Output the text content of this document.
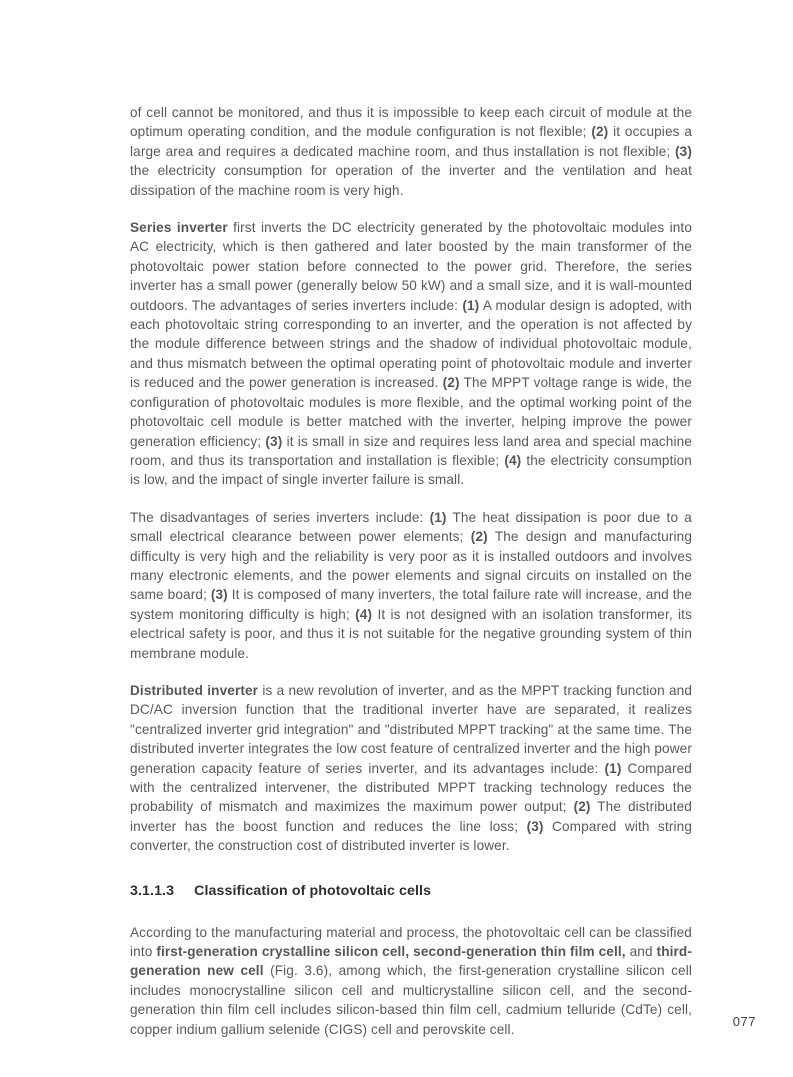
of cell cannot be monitored, and thus it is impossible to keep each circuit of module at the optimum operating condition, and the module configuration is not flexible; (2) it occupies a large area and requires a dedicated machine room, and thus installation is not flexible; (3) the electricity consumption for operation of the inverter and the ventilation and heat dissipation of the machine room is very high.

Series inverter first inverts the DC electricity generated by the photovoltaic modules into AC electricity, which is then gathered and later boosted by the main transformer of the photovoltaic power station before connected to the power grid. Therefore, the series inverter has a small power (generally below 50 kW) and a small size, and it is wall-mounted outdoors. The advantages of series inverters include: (1) A modular design is adopted, with each photovoltaic string corresponding to an inverter, and the operation is not affected by the module difference between strings and the shadow of individual photovoltaic module, and thus mismatch between the optimal operating point of photovoltaic module and inverter is reduced and the power generation is increased. (2) The MPPT voltage range is wide, the configuration of photovoltaic modules is more flexible, and the optimal working point of the photovoltaic cell module is better matched with the inverter, helping improve the power generation efficiency; (3) it is small in size and requires less land area and special machine room, and thus its transportation and installation is flexible; (4) the electricity consumption is low, and the impact of single inverter failure is small.

The disadvantages of series inverters include: (1) The heat dissipation is poor due to a small electrical clearance between power elements; (2) The design and manufacturing difficulty is very high and the reliability is very poor as it is installed outdoors and involves many electronic elements, and the power elements and signal circuits on installed on the same board; (3) It is composed of many inverters, the total failure rate will increase, and the system monitoring difficulty is high; (4) It is not designed with an isolation transformer, its electrical safety is poor, and thus it is not suitable for the negative grounding system of thin membrane module.

Distributed inverter is a new revolution of inverter, and as the MPPT tracking function and DC/AC inversion function that the traditional inverter have are separated, it realizes "centralized inverter grid integration" and "distributed MPPT tracking" at the same time. The distributed inverter integrates the low cost feature of centralized inverter and the high power generation capacity feature of series inverter, and its advantages include: (1) Compared with the centralized intervener, the distributed MPPT tracking technology reduces the probability of mismatch and maximizes the maximum power output; (2) The distributed inverter has the boost function and reduces the line loss; (3) Compared with string converter, the construction cost of distributed inverter is lower.

3.1.1.3 Classification of photovoltaic cells

According to the manufacturing material and process, the photovoltaic cell can be classified into first-generation crystalline silicon cell, second-generation thin film cell, and third-generation new cell (Fig. 3.6), among which, the first-generation crystalline silicon cell includes monocrystalline silicon cell and multicrystalline silicon cell, and the second-generation thin film cell includes silicon-based thin film cell, cadmium telluride (CdTe) cell, copper indium gallium selenide (CIGS) cell and perovskite cell.

077
